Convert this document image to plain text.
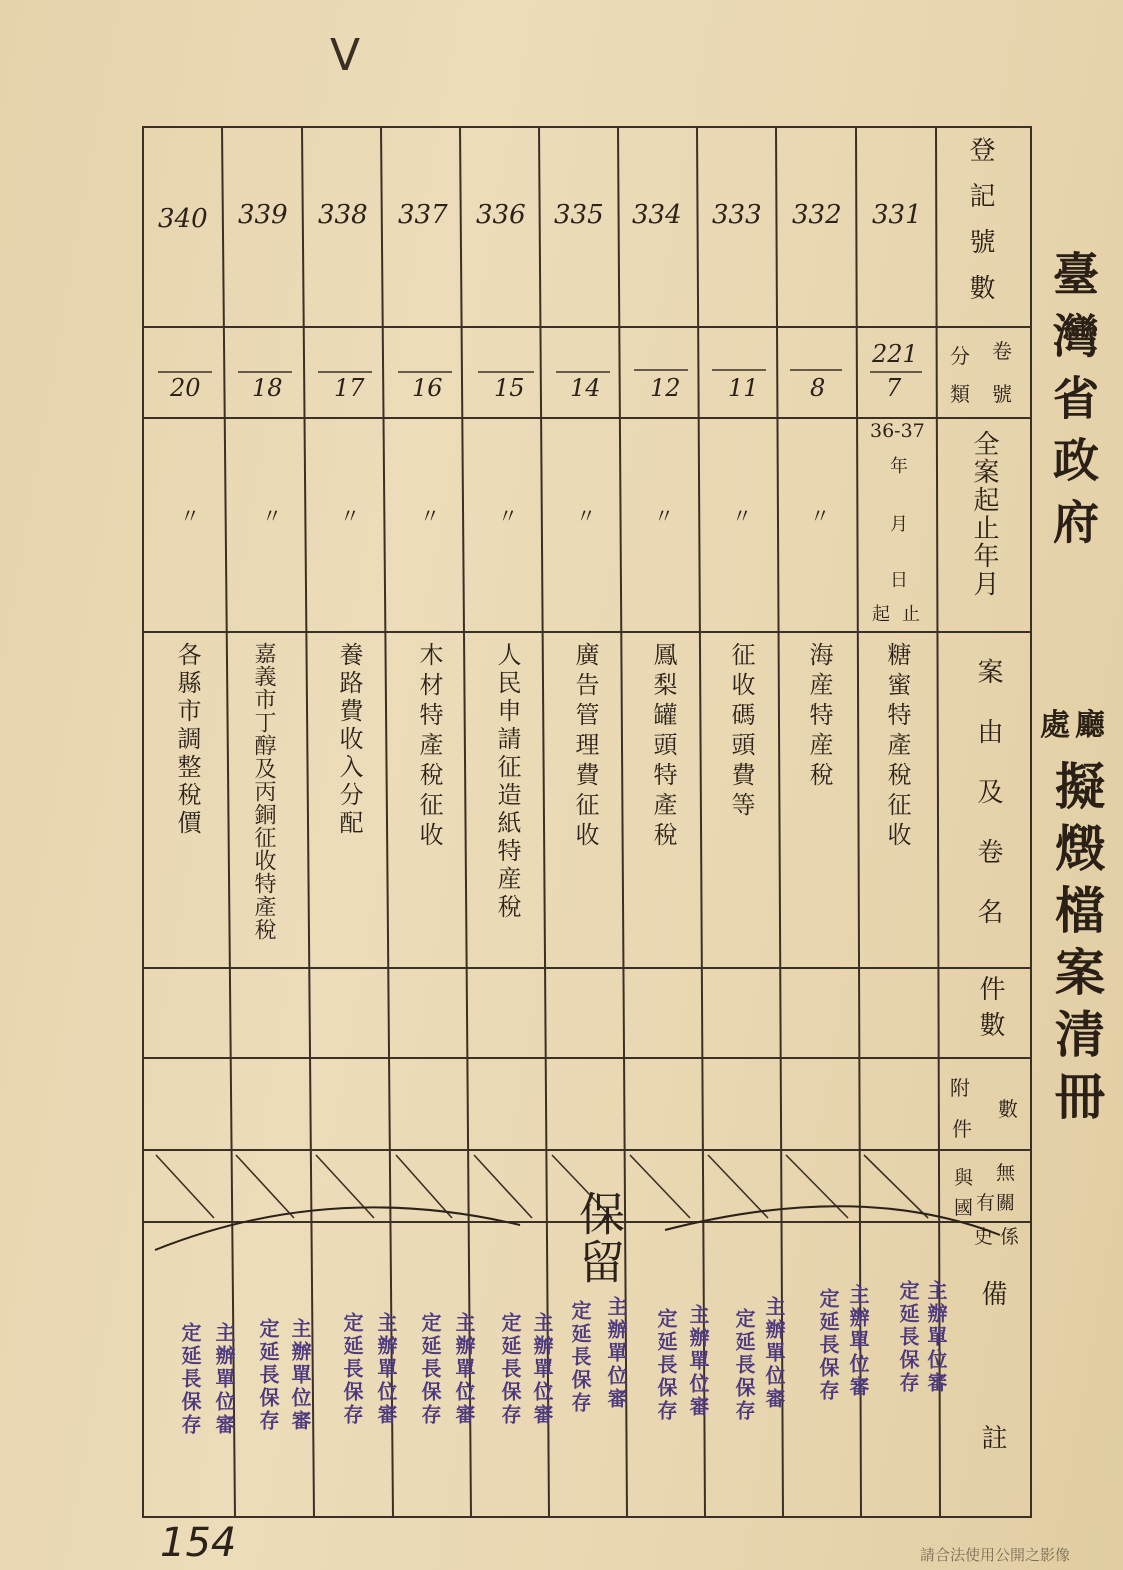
V
臺灣省政府
廳
處
擬燬檔案清冊
登記號數
卷
號
分
類
全案起止年月
案由及卷名
件數
數
附
件
無
關
有
係
與
國
史
備註
331
221
7
36-37
年
月
日
起 止
糖蜜特產稅征收
332
8
〃
海産特産稅
333
11
〃
征收碼頭費等
334
12
〃
鳳梨罐頭特產稅
335
14
〃
廣告管理費征收
336
15
〃
人民申請征造紙特産稅
337
16
〃
木材特產稅征收
338
17
〃
養路費收入分配
339
18
〃
嘉義市丁醇及丙銅征收特產稅
340
20
〃
各縣市調整稅價
主辦單位審
定延長保存
主辦單位審
定延長保存
主辦單位審
定延長保存
主辦單位審
定延長保存
主辦單位審
定延長保存
主辦單位審
定延長保存
主辦單位審
定延長保存
主辦單位審
定延長保存
主辦單位審
定延長保存
主辦單位審
定延長保存
保留
154	請合法使用公開之影像
